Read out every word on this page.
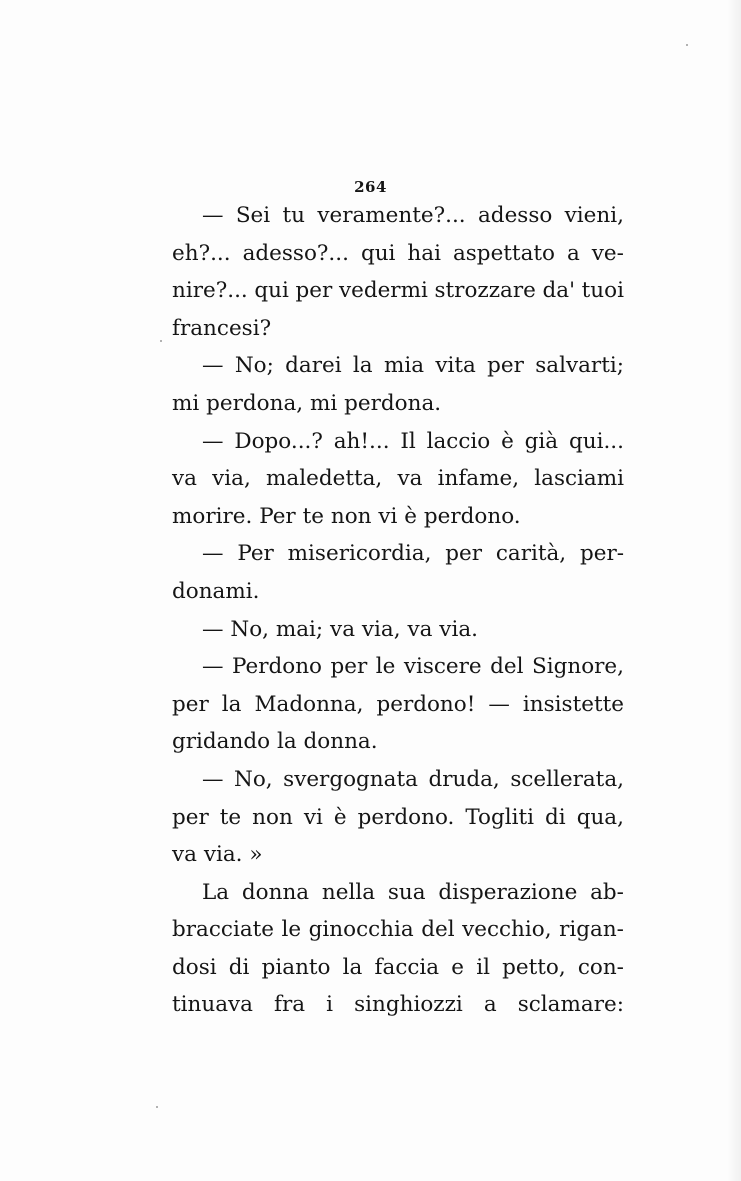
264
— Sei tu veramente?... adesso vieni,
eh?... adesso?... qui hai aspettato a ve-
nire?... qui per vedermi strozzare da' tuoi
francesi?
— No; darei la mia vita per salvarti;
mi perdona, mi perdona.
— Dopo...? ah!... Il laccio è già qui...
va via, maledetta, va infame, lasciami
morire. Per te non vi è perdono.
— Per misericordia, per carità, per-
donami.
— No, mai; va via, va via.
— Perdono per le viscere del Signore,
per la Madonna, perdono! — insistette
gridando la donna.
— No, svergognata druda, scellerata,
per te non vi è perdono. Togliti di qua,
va via. »
La donna nella sua disperazione ab-
bracciate le ginocchia del vecchio, rigan-
dosi di pianto la faccia e il petto, con-
tinuava fra i singhiozzi a sclamare:
